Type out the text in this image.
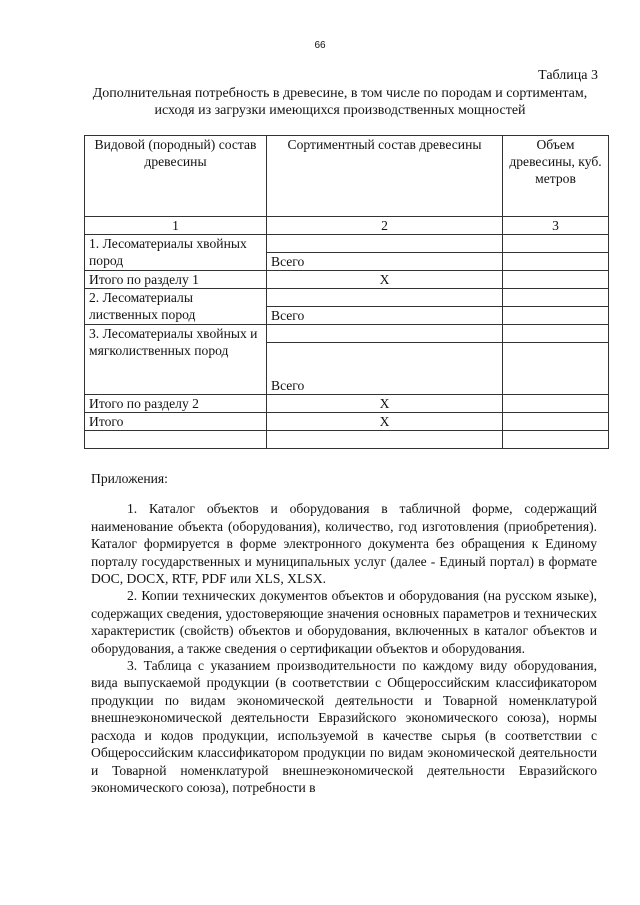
66
Таблица 3
Дополнительная потребность в древесине, в том числе по породам и сортиментам, исходя из загрузки имеющихся производственных мощностей
Видовой (породный) состав древесины	Сортиментный состав древесины	Объем древесины, куб. метров
1	2	3
1. Лесоматериалы хвойных пород		
	Всего	
Итого по разделу 1	X	
2. Лесоматериалы лиственных пород		
	Всего	
3. Лесоматериалы хвойных и мягколиственных пород		
	Всего	
Итого по разделу 2	X	
Итого	X	

Приложения:

1. Каталог объектов и оборудования в табличной форме, содержащий наименование объекта (оборудования), количество, год изготовления (приобретения). Каталог формируется в форме электронного документа без обращения к Единому порталу государственных и муниципальных услуг (далее - Единый портал) в формате DOC, DOCX, RTF, PDF или XLS, XLSX.

2. Копии технических документов объектов и оборудования (на русском языке), содержащих сведения, удостоверяющие значения основных параметров и технических характеристик (свойств) объектов и оборудования, включенных в каталог объектов и оборудования, а также сведения о сертификации объектов и оборудования.

3. Таблица с указанием производительности по каждому виду оборудования, вида выпускаемой продукции (в соответствии с Общероссийским классификатором продукции по видам экономической деятельности и Товарной номенклатурой внешнеэкономической деятельности Евразийского экономического союза), нормы расхода и кодов продукции, используемой в качестве сырья (в соответствии с Общероссийским классификатором продукции по видам экономической деятельности и Товарной номенклатурой внешнеэкономической деятельности Евразийского экономического союза), потребности в
